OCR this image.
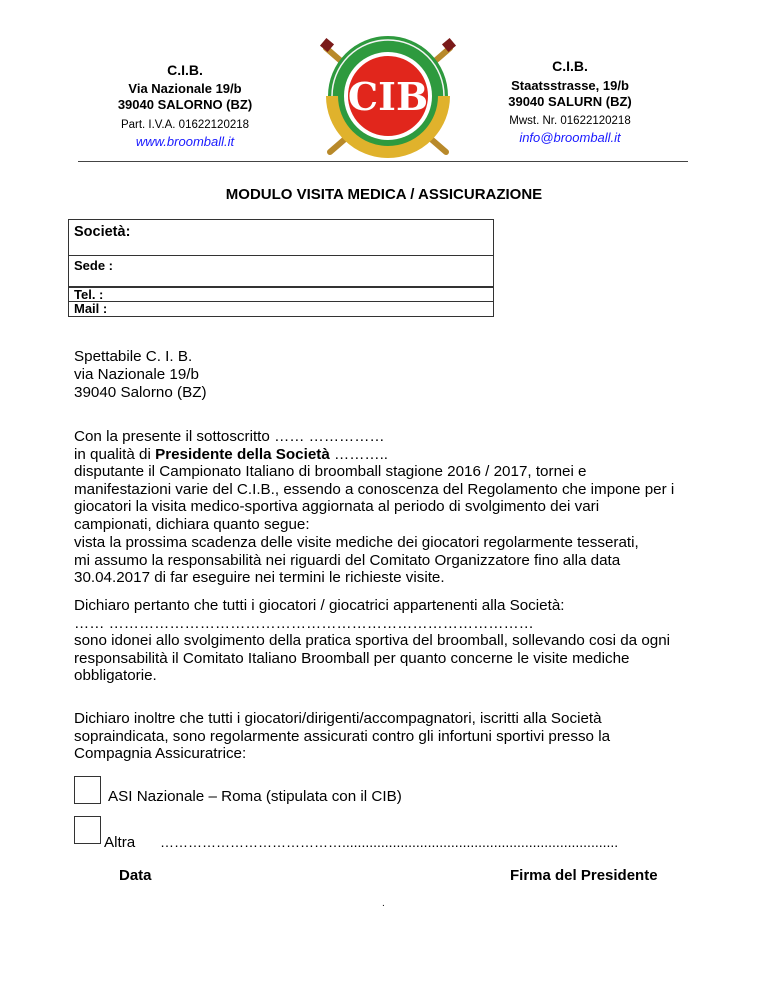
C.I.B.
Via Nazionale 19/b
39040 SALORNO (BZ)
Part. I.V.A. 01622120218
www.broomball.it
CIB
C.I.B.
Staatsstrasse, 19/b
39040 SALURN (BZ)
Mwst. Nr. 01622120218
info@broomball.it
MODULO VISITA MEDICA / ASSICURAZIONE
Società:
Sede :
Tel. :
Mail :
Spettabile C. I. B.
via Nazionale 19/b
39040 Salorno (BZ)
Con la presente il sottoscritto …… ……………
in qualità di Presidente della Società ………..
disputante il Campionato Italiano di broomball stagione 2016 / 2017, tornei e
manifestazioni varie del C.I.B., essendo a conoscenza del Regolamento che impone per i
giocatori la visita medico-sportiva aggiornata al periodo di svolgimento dei vari
campionati, dichiara quanto segue:
vista la prossima scadenza delle visite mediche dei giocatori regolarmente tesserati,
mi assumo la responsabilità nei riguardi del Comitato Organizzatore fino alla data
30.04.2017 di far eseguire nei termini le richieste visite.
Dichiaro pertanto che tutti i giocatori / giocatrici appartenenti alla Società:
…… …………………………………………………………………………
sono idonei allo svolgimento della pratica sportiva del broomball, sollevando cosi da ogni
responsabilità il Comitato Italiano Broomball per quanto concerne le visite mediche
obbligatorie.
Dichiaro inoltre che tutti i giocatori/dirigenti/accompagnatori, iscritti alla Società
sopraindicata, sono regolarmente assicurati contro gli infortuni sportivi presso la
Compagnia Assicuratrice:
ASI Nazionale – Roma (stipulata con il CIB)
Altra ………………………………….......................................................................
Data	Firma del Presidente
.
